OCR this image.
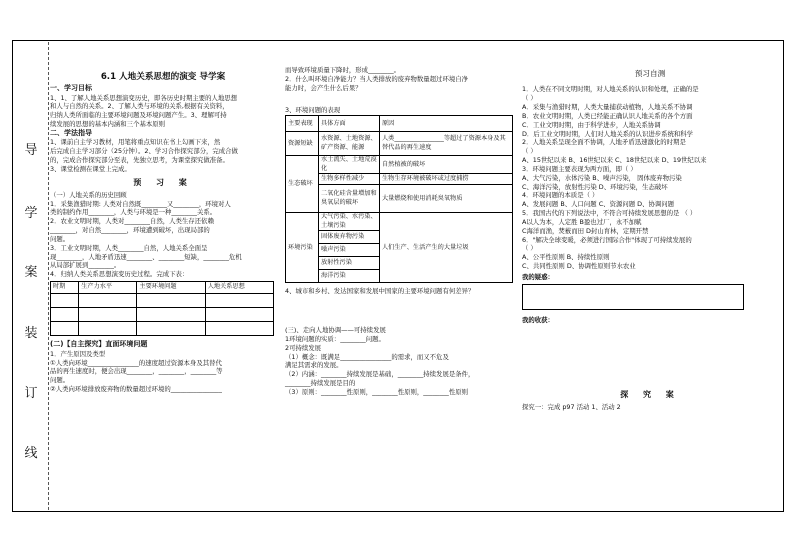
导
学
案
装
订
线
6.1 人地关系思想的演变 导学案
一、学习目标
1、1、了解人地关系思想演变历史，即各历史时期主要的人地思想
和人与自然的关系。2、了解人类与环境的关系,根据有关资料，
归纳人类所面临的主要环境问题及环境问题产生。3、理解可持
续发展的思想的基本内涵和三个基本原则
二、学法指导
1、课前自主学习教材，用笔将重点知识在书上勾画下来，然
后完成自主学习部分（25分钟）。2、学习合作探究部分，完成合做
的，完成合作探究部分至表，先独立思考，为课堂探究做准备。
3、课堂检测在课堂上完成。
预 习 案
（一）人地关系的历史回顾
1．采集渔猎时期: 人类对自然既________又________，环境对人
类的制约作用________，人类与环境是一种________关系。
2．农业文明时期，人类对________自然，人类生存还依赖
________，对自然________，环境遭到破坏，出现局部的
问题。
3．工业文明时期，人类________自然，人地关系全面呈
现________，人地矛盾迅速________、________短缺，________危机
从局部扩展到________。
4．归纳人类关系思想演变历史过程。完成下表：
时期	生产力水平	主要环境问题	人地关系思想

(二)【自主探究】直面环境问题
1．产生原因及类型
①人类向环境________________的速度超过资源本身及其替代
品的再生速度时，便会出现________，________，________等
问题。
②人类向环境排放废弃物的数量超过环境的________________
而导致环境质量下降时，形成________。
2．什么叫环境自净能力？当人类排放的废弃物数量超过环境自净
能力时，会产生什么后果？
3、环境问题的表现
主要表现	具体方面	原因
资源短缺	水资源、土地资源、矿产资源、能源	人类________________等超过了资源本身及其替代品的再生速度
生态破坏	水土流失、土地荒漠化	自然植被的破坏
	生物多样性减少	生物生存环境被破坏或过度捕捞
	二氧化硅含量增加和臭氧层的破坏	大量燃烧和使用消耗臭氧物质
环境污染	大气污染、水污染、土壤污染	人们生产、生活产生的大量垃圾
	固体废弃物污染	
	噪声污染	
	放射性污染	
	海洋污染	
4、城市和乡村、发达国家和发展中国家的主要环境问题有何差异？
(三)、走向人地协调——可持续发展
1环境问题的实质：________问题。
2可持续发展
（1）概念：既满足________________的需求，而又不危及
满足其需求的发展。
（2）内涵：________持续发展是基础，________持续发展是条件，
________持续发展是目的
（3）原则：________性原则，________性原则，________性原则
预习自测
1．人类在不同文明时期，对人地关系的认识和处理，正确的是
（ ）
A．采集与渔猎时期，人类大量捕获动植物，人地关系不协调
B．农业文明时期，人类已经能正确认识人地关系的各个方面
C．工业文明时期，由于科学进步，人地关系协调
D．后工业文明时期，人们对人地关系的认识进步系统和科学
2．人地关系呈现全面不协调，人地矛盾迅速激化的时期是
（ ）
A、15世纪以来 B、16世纪以来 C、18世纪以来 D、19世纪以来
3．环境问题主要表现为两方面，即（ ）
A、大气污染，水体污染 B、噪声污染， 固体废弃物污染
C、海洋污染，放射性污染 D、环境污染，生态破坏
4．环境问题的本质是（ ）
A、发展问题 B、人口问题 C、资源问题 D、协调问题
5．我国古代的下列说法中，不符合可持续发展思想的是 （ ）
A以人为本，人定胜 B盈也过厂，永不加赋
C海洋而渔，焚薮而田 D封山育林，定期开禁
6．"解决全球变暖，必须进行国际合作"体现了可持续发展的
（ ）
A、公平性原则 B、持续性原则
C、共同性原则 D、协调性原则节水农业
我的疑惑：
我的收获：
探 究 案
探究一：完成 p97 活动 1、活动 2
